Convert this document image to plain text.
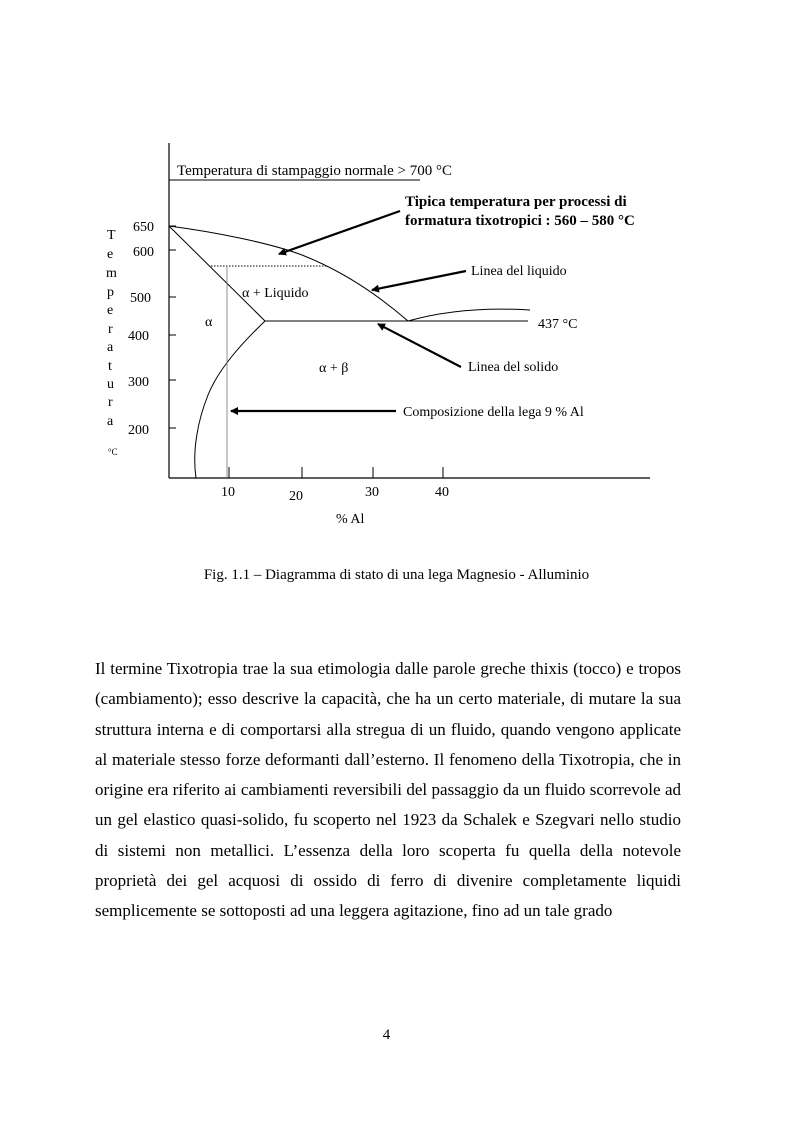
Temperatura di stampaggio normale > 700 °C
650
600
500
400
300
200
10	20	30	40
% Al
T
e
m
p
e
r
a
t
u
r
a
°C
α
α + Liquido
α + β
Tipica temperatura per processi di
formatura tixotropici : 560 – 580 °C
Linea del liquido
437 °C
Linea del solido
Composizione della lega 9 % Al
Fig. 1.1 – Diagramma di stato di una lega Magnesio - Alluminio

Il termine Tixotropia trae la sua etimologia dalle parole greche thixis (tocco) e tropos (cambiamento); esso descrive la capacità, che ha un certo materiale, di mutare la sua struttura interna e di comportarsi alla stregua di un fluido, quando vengono applicate al materiale stesso forze deformanti dall’esterno. Il fenomeno della Tixotropia, che in origine era riferito ai cambiamenti reversibili del passaggio da un fluido scorrevole ad un gel elastico quasi-solido, fu scoperto nel 1923 da Schalek e Szegvari nello studio di sistemi non metallici. L’essenza della loro scoperta fu quella della notevole proprietà dei gel acquosi di ossido di ferro di divenire completamente liquidi semplicemente se sottoposti ad una leggera agitazione, fino ad un tale grado

4
